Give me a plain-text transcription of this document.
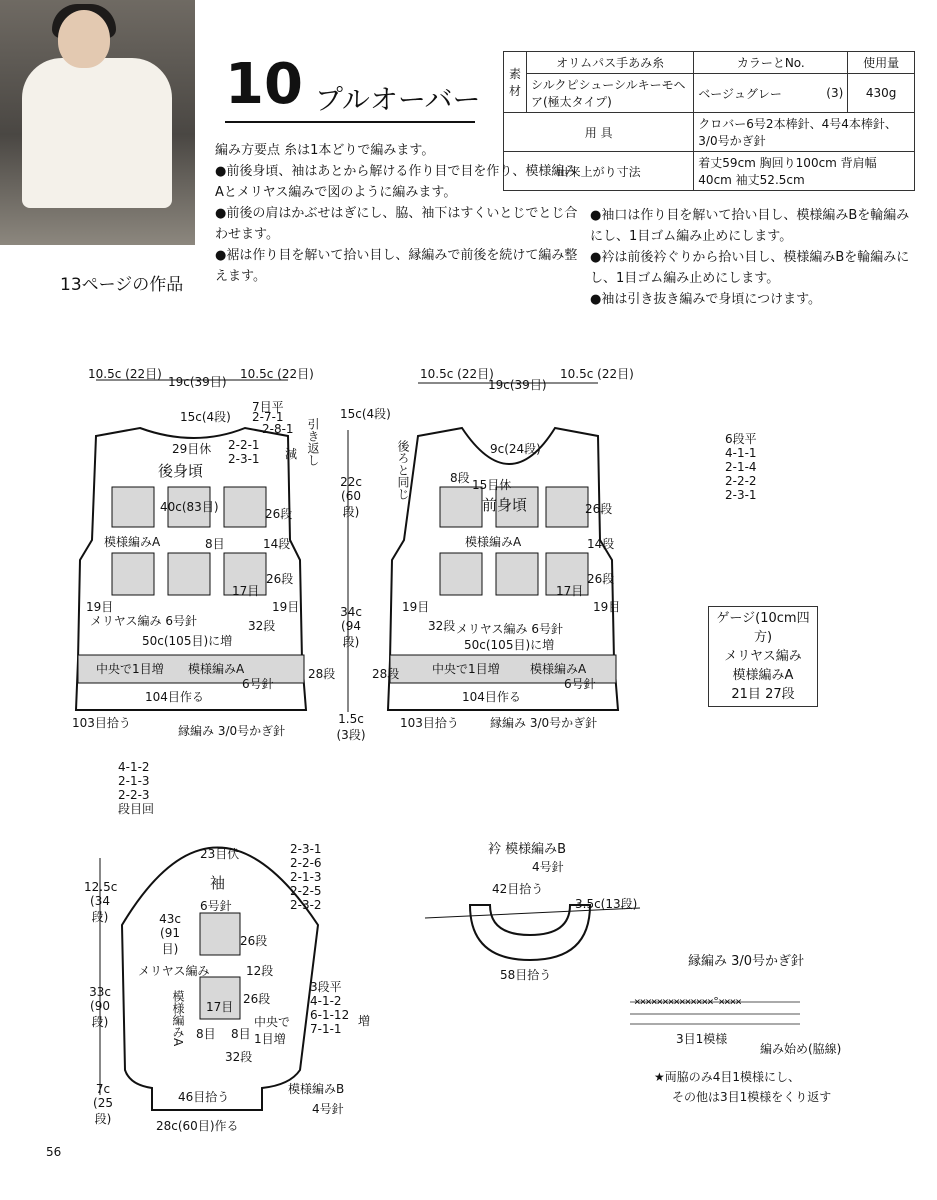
13ページの作品
10 プルオーバー
素材	オリムパス手あみ糸	カラーとNo.		使用量
	シルクピシューシルキーモヘア(極太タイプ)	ベージュグレー	(3)	430g
用 具		クロバー6号2本棒針、4号4本棒針、3/0号かぎ針		
出来上がり寸法		着丈59cm 胸回り100cm 背肩幅40cm 袖丈52.5cm		

編み方要点 糸は1本どりで編みます。

●前後身頃、袖はあとから解ける作り目で目を作り、模様編みAとメリヤス編みで図のように編みます。

●前後の肩はかぶせはぎにし、脇、袖下はすくいとじでとじ合わせます。

●裾は作り目を解いて拾い目し、縁編みで前後を続けて編み整えます。

●袖口は作り目を解いて拾い目し、模様編みBを輪編みにし、1目ゴム編み止めにします。

●衿は前後衿ぐりから拾い目し、模様編みBを輪編みにし、1目ゴム編み止めにします。

●袖は引き抜き編みで身頃につけます。

10.5c (22目)
19c(39目)
10.5c (22目)
15c(4段)
29目休
7目平
2-7-1
2-8-1
2-2-1
2-3-1 減 引き返し
後身頃
40c(83目)
模様編みA
26段
8目	14段
26段
17目
19目	19目
メリヤス編み 6号針	32段
50c(105目)に増
中央で1目増 模様編みA
6号針
28段
104目作る
103目拾う
縁編み 3/0号かぎ針
15c(4段)
22c (60段)
34c (94段)
1.5c (3段)
10.5c (22目)
19c(39目)
10.5c (22目)
9c(24段)
15目休
8段
後ろと同じ
前身頃
模様編みA
26段
14段
26段
17目
19目	19目
メリヤス編み 6号針
32段
50c(105目)に増
中央で1目増	模様編みA
6号針
28段
104目作る
103目拾う	縁編み 3/0号かぎ針
4-1-2
2-1-3
2-2-3
段目回
6段平
4-1-1
2-1-4
2-2-2
2-3-1
ゲージ(10cm四方)
メリヤス編み
模様編みA
21目 27段
23目伏
袖
2-3-1
2-2-6
2-1-3
2-2-5
2-3-2
12.5c (34段)	43c (91目)
6号針
26段
メリヤス編み	12段
33c (90段)
17目
26段
模様編みA 8目 8目
中央で1目増
32段
3段平
4-1-2
6-1-12
7-1-1
増
7c (25段)
46目拾う
模様編みB
4号針
28c(60目)作る
衿 模様編みB
4号針
42目拾う
3.5c(13段)
58目拾う
縁編み 3/0号かぎ針
××××××××××××××°××××
3目1模様
編み始め(脇線)
★両脇のみ4目1模様にし、
その他は3目1模様をくり返す
56
